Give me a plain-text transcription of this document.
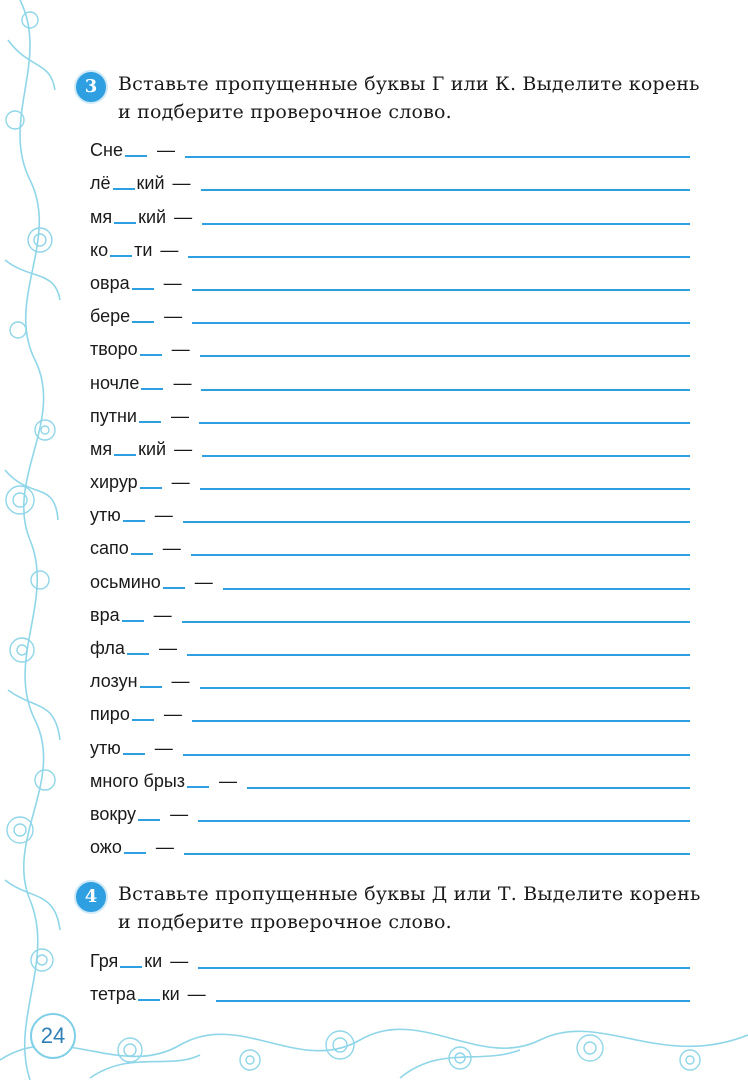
3	Вставьте пропущенные буквы Г или К. Выделите корень и подберите проверочное слово.
Сне —
лё кий —
мя кий —
ко ти —
овра —
бере —
творо —
ночле —
путни —
мя кий —
хирур —
утю —
сапо —
осьмино —
вра —
фла —
лозун —
пиро —
утю —
много брыз —
вокру —
ожо —
4	Вставьте пропущенные буквы Д или Т. Выделите корень и подберите проверочное слово.
Гря ки —
тетра ки —
24
